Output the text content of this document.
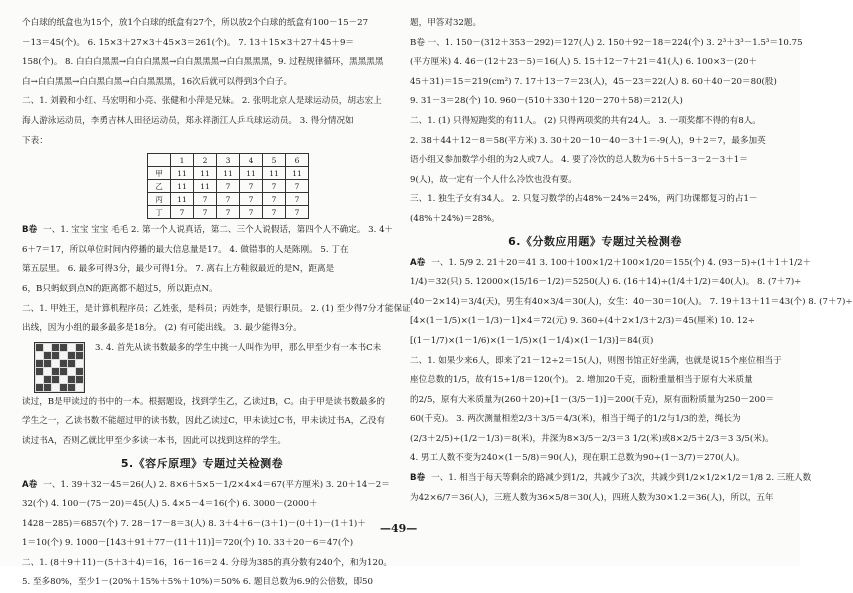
个白球的纸盒也为15个，放1个白球的纸盒有27个，所以放2个白球的纸盒有100－15－27
－13＝45(个)。 6. 15×3＋27×3＋45×3＝261(个)。 7. 13＋15×3＋27＋45＋9＝
158(个)。 8. 白白白黑黑→白白白黑黑→白白黑黑黑→白白黑黑黑，9. 过程规律循环，黑黑黑黑
白→白白黑黑→白白黑白黑→白白黑黑黑，16次后就可以得到3个白子。
二、1. 刘毅和小红、马宏明和小亮、张健和小萍是兄妹。 2. 张明北京人是球运动员，胡志宏上
海人游泳运动员，李勇吉林人田径运动员，郑永祥浙江人乒乓球运动员。 3. 得分情况如
下表：
	1	2	3	4	5	6
甲	11	11	11	11	11	11
乙	11	11	7	7	7	7
丙	11	7	7	7	7	7
丁	7	7	7	7	7	7
B卷 一、1. 宝宝 宝宝 毛毛 2. 第一个人说真话，第二、三个人说假话，第四个人不确定。 3. 4＋
6＋7＝17，所以单位时间内停播的最大信息量是17。 4. 做错事的人是陈刚。 5. 丁在
第五层里。 6. 最多可得3分，最少可得1分。 7. 离右上方鞋叙最近的是N，距离是
6，B只蚂蚁到点N的距离都不超过5，所以距点N。
二、1. 甲姓王，是计算机程序员；乙姓张，是科员；丙姓李，是银行职员。 2. (1) 至少得7分才能保证
出线，因为小组的最多最多是18分。 (2) 有可能出线。 3. 最少能得3分。
3. 4. 首先从读书数最多的学生中挑一人叫作为甲，那么甲至少有一本书C未
读过，B是甲读过的书中的一本。根据题设，找到学生乙，乙读过B，C。由于甲是读书数最多的
学生之一，乙读书数不能超过甲的读书数，因此乙读过C，甲未读过C书，甲未读过书A，乙没有
读过书A，否则乙就比甲至少多读一本书，因此可以找到这样的学生。
5.《容斥原理》专题过关检测卷
A卷 一、1. 39＋32－45＝26(人) 2. 8×6＋5×5－1/2×4×4＝67(平方厘米) 3. 20＋14－2＝
32(个) 4. 100－(75－20)＝45(人) 5. 4×5－4＝16(个) 6. 3000－(2000＋
1428－285)＝6857(个) 7. 28－17－8＝3(人) 8. 3＋4＋6－(3＋1)－(0＋1)－(1＋1)＋
1＝10(个) 9. 1000－[143＋91＋77－(11＋11)]＝720(个) 10. 33＋20－6＝47(个)
二、1. (8＋9＋11)－(5＋3＋4)＝16，16－16＝2 4. 分母为385的真分数有240个，和为120。
5. 至多80%，至少1－(20%＋15%＋5%＋10%)＝50% 6. 题目总数为6.9的公倍数，即50
题，甲答对32题。
B卷 一、1. 150－(312＋353－292)＝127(人) 2. 150＋92－18＝224(个) 3. 2³＋3³－1.5³＝10.75
(平方厘米) 4. 46－(12＋23－5)＝16(人) 5. 15＋12－7＋21＝41(人) 6. 100×3－(20＋
45＋31)＝15＝219(cm²) 7. 17＋13－7＝23(人)，45－23＝22(人) 8. 60＋40－20＝80(股)
9. 31－3＝28(个) 10. 960－(510＋330＋120－270＋58)＝212(人)
二、1. (1) 只得短跑奖的有11人。 (2) 只得两项奖的共有24人。 3. 一项奖都不得的有8人。
2. 38＋44＋12－8＝58(平方米) 3. 30＋20－10－40－3＋1＝-9(人)，9＋2＝7，最多加英
语小组又参加数学小组的为2人或7人。 4. 要了冷饮的总人数为6＋5＋5－3－2－3＋1＝
9(人)，故一定有一个人什么冷饮也没有要。
三、1. 独生子女有34人。 2. 只复习数学的占48%－24%＝24%，两门功课都复习的占1－
(48%＋24%)＝28%。
6.《分数应用题》专题过关检测卷
A卷 一、1. 5/9 2. 21＋20＝41 3. 100＋100×1/2＋100×1/20＝155(个) 4. (93－5)÷(1＋1＋1/2＋
1/4)＝32(只) 5. 12000×(15/16－1/2)＝5250(人) 6. (16＋14)÷(1/4＋1/2)＝40(人)。 8. (7＋7)÷
(40－2×14)＝3/4(天)，男生有40×3/4＝30(人)，女生：40－30＝10(人)。 7. 19＋13＋11＝43(个) 8. (7＋7)÷
[4×(1－1/5)×(1－1/3)－1]×4＝72(元) 9. 360÷(4＋2×1/3＋2/3)＝45(厘米) 10. 12÷
[(1－1/7)×(1－1/6)×(1－1/5)×(1－1/4)×(1－1/3)]＝84(页)
二、1. 如果少来6人，即来了21－12÷2＝15(人)，则图书馆正好坐满，也就是说15个座位相当于
座位总数的1/5，故有15÷1/8＝120(个)。 2. 增加20千克，面粉重量相当于原有大米质量
的2/5，原有大米质量为(260＋20)÷[1－(3/5－1)]＝200(千克)，原有面粉质量为250－200＝
60(千克)。 3. 两次测量相差2/3＋3/5＝4/3(米)，相当于绳子的1/2与1/3的差，绳长为
(2/3＋2/5)÷(1/2－1/3)＝8(米)，井深为8×3/5－2/3＝3 1/2(米)或8×2/5＋2/3＝3 3/5(米)。
4. 男工人数不变为240×(1－5/8)＝90(人)，现在职工总数为90÷(1－3/7)＝270(人)。
B卷 一、1. 相当于每天等剩余的路减少到1/2，共减少了3次，共减少到1/2×1/2×1/2＝1/8 2. 三班人数
为42×6/7＝36(人)，三班人数为36×5/8＝30(人)，四班人数为30×1.2＝36(人)，所以，五年
—49—
